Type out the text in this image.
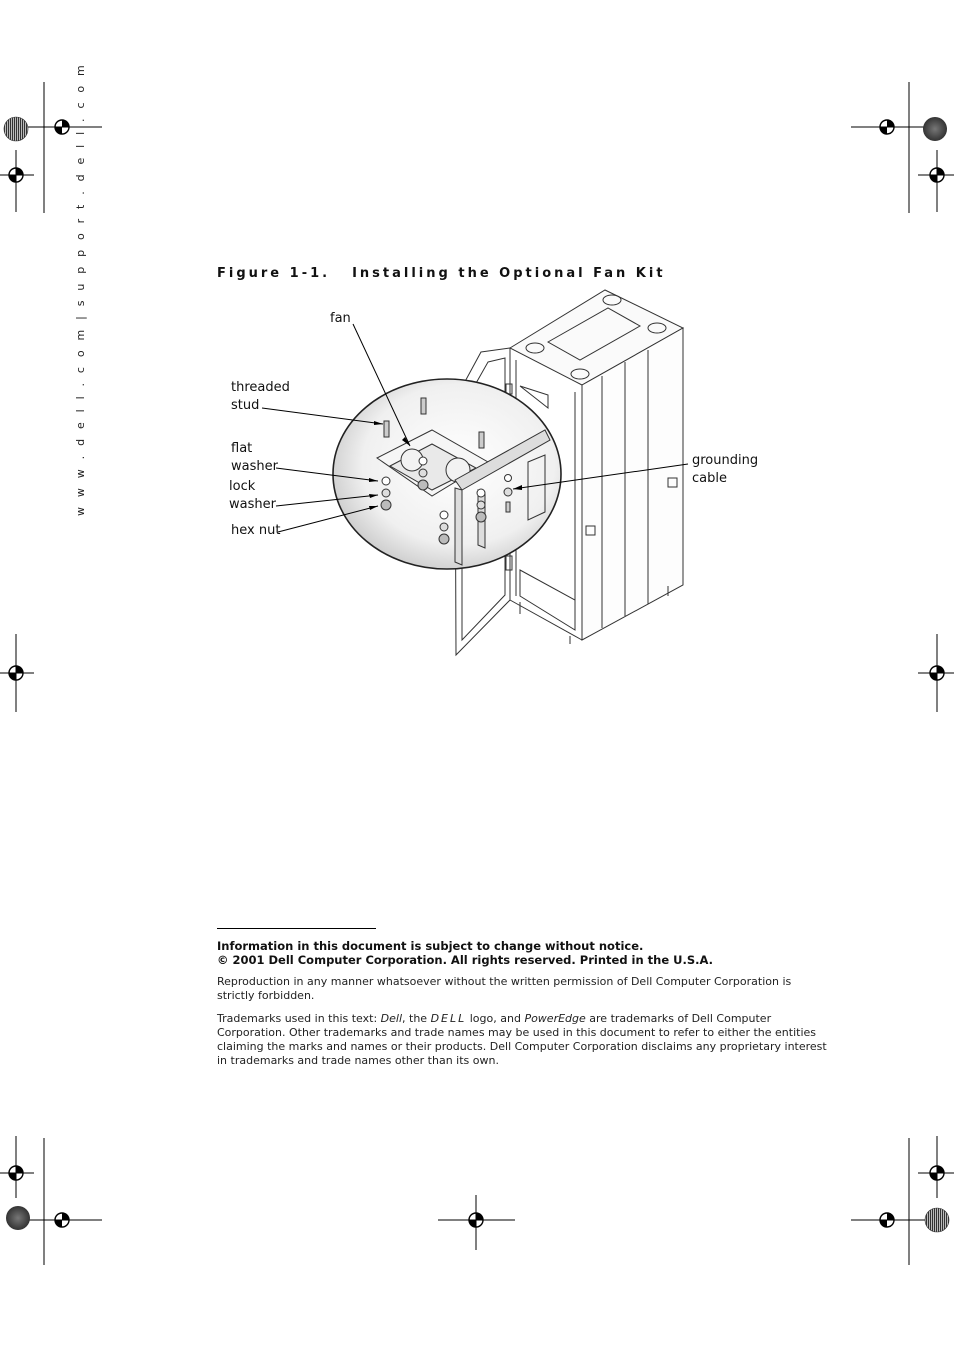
w w w . d e l l . c o m | s u p p o r t . d e l l . c o m	Figure 1-1. Installing the Optional Fan Kit
fan
threaded
stud
flat
washer
lock
washer
hex nut
grounding
cable
Information in this document is subject to change without notice.
© 2001 Dell Computer Corporation. All rights reserved. Printed in the U.S.A.
Reproduction in any manner whatsoever without the written permission of Dell Computer Corporation is strictly forbidden.
Trademarks used in this text: Dell, the DELL logo, and PowerEdge are trademarks of Dell Computer Corporation. Other trademarks and trade names may be used in this document to refer to either the entities claiming the marks and names or their products. Dell Computer Corporation disclaims any proprietary interest in trademarks and trade names other than its own.
